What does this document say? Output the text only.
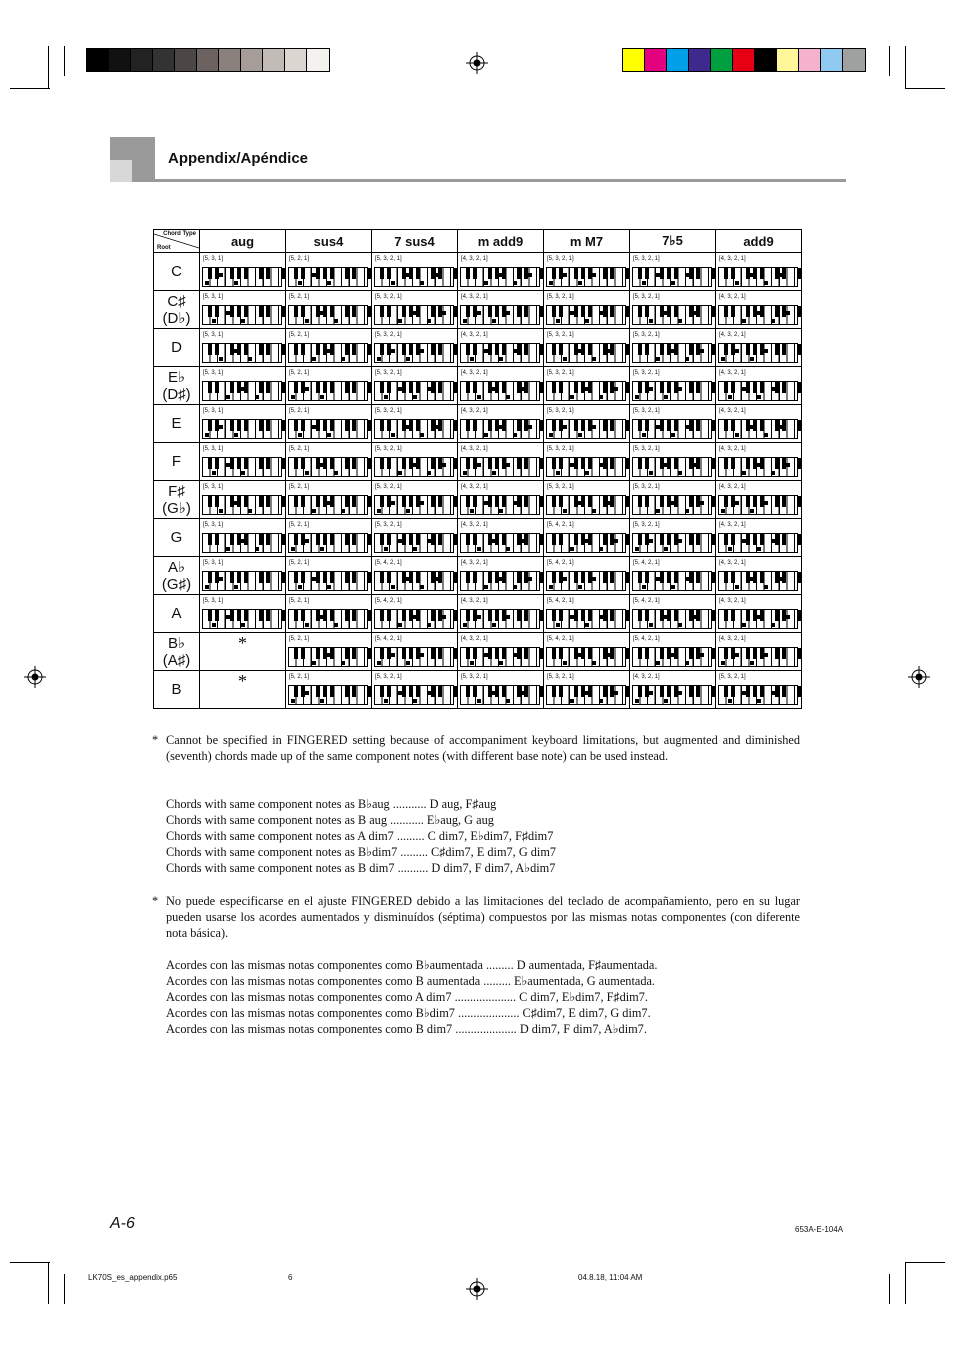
Appendix/Apéndice
Chord Type
Root	aug	sus4	7 sus4	m add9	m M7	7♭5	add9

C	[5, 3, 1]	[5, 2, 1]	[5, 3, 2, 1]	[4, 3, 2, 1]	[5, 3, 2, 1]	[5, 3, 2, 1]	[4, 3, 2, 1]

C♯
(D♭)	[5, 3, 1]	[5, 2, 1]	[5, 3, 2, 1]	[4, 3, 2, 1]	[5, 3, 2, 1]	[5, 3, 2, 1]	[4, 3, 2, 1]

D	[5, 3, 1]	[5, 2, 1]	[5, 3, 2, 1]	[4, 3, 2, 1]	[5, 3, 2, 1]	[5, 3, 2, 1]	[4, 3, 2, 1]

E♭
(D♯)	[5, 3, 1]	[5, 2, 1]	[5, 3, 2, 1]	[4, 3, 2, 1]	[5, 3, 2, 1]	[5, 3, 2, 1]	[4, 3, 2, 1]

E	[5, 3, 1]	[5, 2, 1]	[5, 3, 2, 1]	[4, 3, 2, 1]	[5, 3, 2, 1]	[5, 3, 2, 1]	[4, 3, 2, 1]

F	[5, 3, 1]	[5, 2, 1]	[5, 3, 2, 1]	[4, 3, 2, 1]	[5, 3, 2, 1]	[5, 3, 2, 1]	[4, 3, 2, 1]

F♯
(G♭)	[5, 3, 1]	[5, 2, 1]	[5, 3, 2, 1]	[4, 3, 2, 1]	[5, 3, 2, 1]	[5, 3, 2, 1]	[4, 3, 2, 1]

G	[5, 3, 1]	[5, 2, 1]	[5, 3, 2, 1]	[4, 3, 2, 1]	[5, 4, 2, 1]	[5, 3, 2, 1]	[4, 3, 2, 1]

A♭
(G♯)	[5, 3, 1]	[5, 2, 1]	[5, 4, 2, 1]	[4, 3, 2, 1]	[5, 4, 2, 1]	[5, 4, 2, 1]	[4, 3, 2, 1]

A	[5, 3, 1]	[5, 2, 1]	[5, 4, 2, 1]	[4, 3, 2, 1]	[5, 4, 2, 1]	[5, 4, 2, 1]	[4, 3, 2, 1]

B♭
(A♯)	*	[5, 2, 1]	[5, 4, 2, 1]	[4, 3, 2, 1]	[5, 4, 2, 1]	[5, 4, 2, 1]	[4, 3, 2, 1]

B	*	[5, 2, 1]	[5, 3, 2, 1]	[5, 3, 2, 1]	[5, 3, 2, 1]	[4, 3, 2, 1]	[5, 3, 2, 1]
* Cannot be specified in FINGERED setting because of accompaniment keyboard limitations, but augmented and diminished (seventh) chords made up of the same component notes (with different base note) can be used instead.
Chords with same component notes as B♭aug ........... D aug, F♯aug
Chords with same component notes as B aug ........... E♭aug, G aug
Chords with same component notes as A dim7 ......... C dim7, E♭dim7, F♯dim7
Chords with same component notes as B♭dim7 ......... C♯dim7, E dim7, G dim7
Chords with same component notes as B dim7 .......... D dim7, F dim7, A♭dim7
* No puede especificarse en el ajuste FINGERED debido a las limitaciones del teclado de acompañamiento, pero en su lugar pueden usarse los acordes aumentados y disminuídos (séptima) compuestos por las mismas notas componentes (con diferente nota básica).
Acordes con las mismas notas componentes como B♭aumentada ......... D aumentada, F♯aumentada.
Acordes con las mismas notas componentes como B aumentada ......... E♭aumentada, G aumentada.
Acordes con las mismas notas componentes como A dim7 .................... C dim7, E♭dim7, F♯dim7.
Acordes con las mismas notas componentes como B♭dim7 .................... C♯dim7, E dim7, G dim7.
Acordes con las mismas notas componentes como B dim7 .................... D dim7, F dim7, A♭dim7.
A-6	653A-E-104A
LK70S_es_appendix.p65	6	04.8.18, 11:04 AM
